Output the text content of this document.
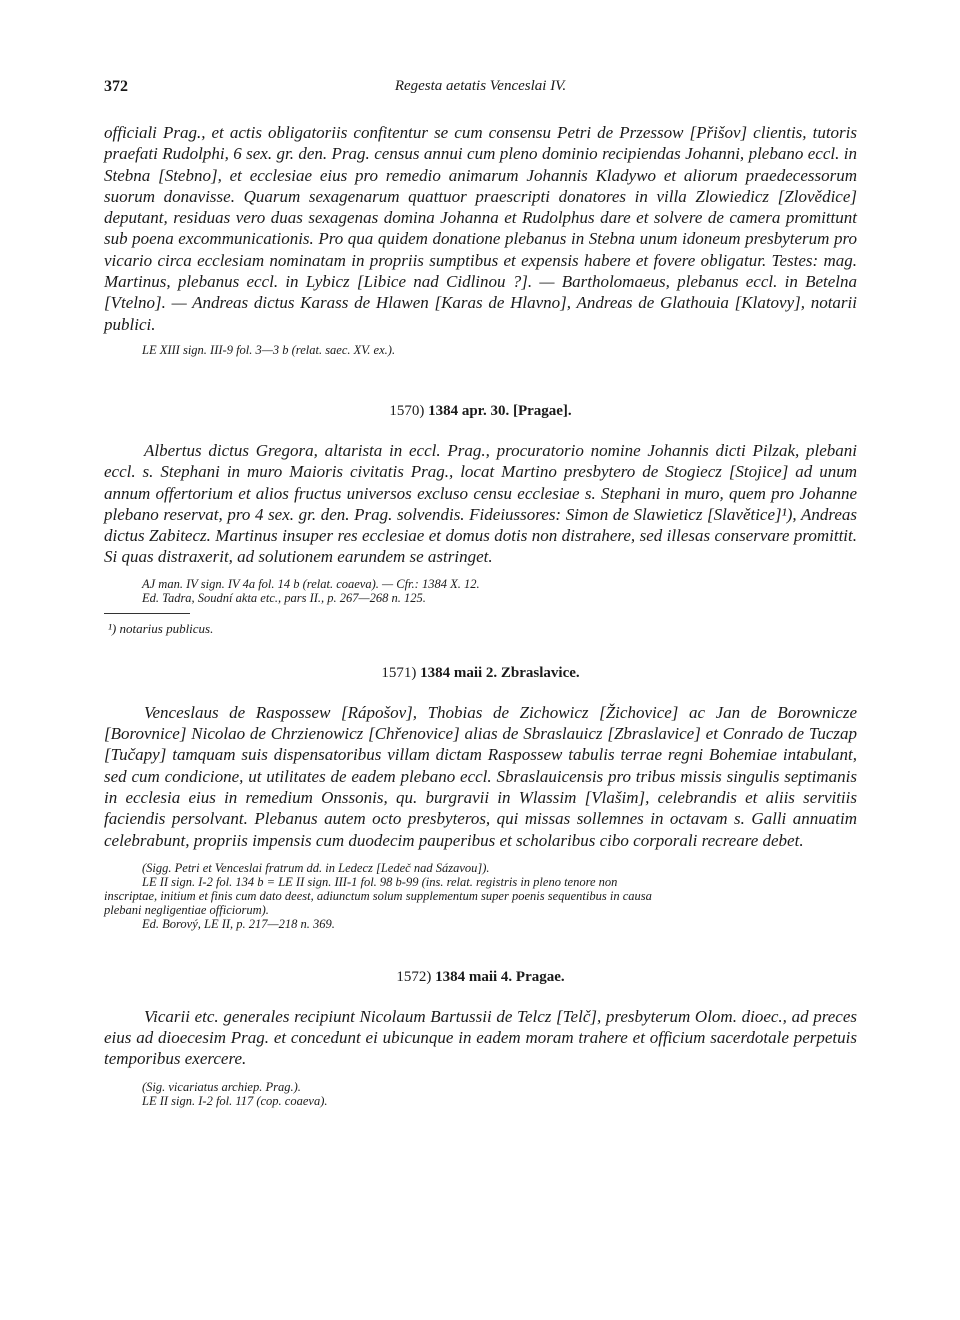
372	Regesta aetatis Venceslai IV.

officiali Prag., et actis obligatoriis confitentur se cum consensu Petri de Przessow [Přišov] clientis, tutoris praefati Rudolphi, 6 sex. gr. den. Prag. census annui cum pleno dominio recipiendas Johanni, plebano eccl. in Stebna [Stebno], et ecclesiae eius pro remedio animarum Johannis Kladywo et aliorum praedecessorum suorum donavisse. Quarum sexagenarum quattuor praescripti donatores in villa Zlowiedicz [Zlovědice] deputant, residuas vero duas sexagenas domina Johanna et Rudolphus dare et solvere de camera promittunt sub poena excommunicationis. Pro qua quidem donatione plebanus in Stebna unum idoneum presbyterum pro vicario circa ecclesiam nominatam in propriis sumptibus et expensis habere et fovere obligatur. Testes: mag. Martinus, plebanus eccl. in Lybicz [Libice nad Cidlinou ?]. — Bartholomaeus, plebanus eccl. in Betelna [Vtelno]. — Andreas dictus Karass de Hlawen [Karas de Hlavno], Andreas de Glathouia [Klatovy], notarii publici.

LE XIII sign. III-9 fol. 3—3 b (relat. saec. XV. ex.).

1570) 1384 apr. 30. [Pragae].

Albertus dictus Gregora, altarista in eccl. Prag., procuratorio nomine Johannis dicti Pilzak, plebani eccl. s. Stephani in muro Maioris civitatis Prag., locat Martino presbytero de Stogiecz [Stojice] ad unum annum offertorium et alios fructus universos excluso censu ecclesiae s. Stephani in muro, quem pro Johanne plebano reservat, pro 4 sex. gr. den. Prag. solvendis. Fideiussores: Simon de Slawieticz [Slavětice]¹), Andreas dictus Zabitecz. Martinus insuper res ecclesiae et domus dotis non distrahere, sed illesas conservare promittit. Si quas distraxerit, ad solutionem earundem se astringet.

AJ man. IV sign. IV 4a fol. 14 b (relat. coaeva). — Cfr.: 1384 X. 12.

Ed. Tadra, Soudní akta etc., pars II., p. 267—268 n. 125.

¹) notarius publicus.

1571) 1384 maii 2. Zbraslavice.

Venceslaus de Raspossew [Rápošov], Thobias de Zichowicz [Žichovice] ac Jan de Borownicze [Borovnice] Nicolao de Chrzienowicz [Chřenovice] alias de Sbraslauicz [Zbraslavice] et Conrado de Tuczap [Tučapy] tamquam suis dispensatoribus villam dictam Raspossew tabulis terrae regni Bohemiae intabulant, sed cum condicione, ut utilitates de eadem plebano eccl. Sbraslauicensis pro tribus missis singulis septimanis in ecclesia eius in remedium Onssonis, qu. burgravii in Wlassim [Vlašim], celebrandis et aliis servitiis faciendis persolvant. Plebanus autem octo presbyteros, qui missas sollemnes in octavam s. Galli annuatim celebrabunt, propriis impensis cum duodecim pauperibus et scholaribus cibo corporali recreare debet.

(Sigg. Petri et Venceslai fratrum dd. in Ledecz [Ledeč nad Sázavou]).

LE II sign. I-2 fol. 134 b = LE II sign. III-1 fol. 98 b-99 (ins. relat. registris in pleno tenore non

inscriptae, initium et finis cum dato deest, adiunctum solum supplementum super poenis sequentibus in causa

plebani negligentiae officiorum).

Ed. Borový, LE II, p. 217—218 n. 369.

1572) 1384 maii 4. Pragae.

Vicarii etc. generales recipiunt Nicolaum Bartussii de Telcz [Telč], presbyterum Olom. dioec., ad preces eius ad dioecesim Prag. et concedunt ei ubicunque in eadem moram trahere et officium sacerdotale perpetuis temporibus exercere.

(Sig. vicariatus archiep. Prag.).

LE II sign. I-2 fol. 117 (cop. coaeva).
